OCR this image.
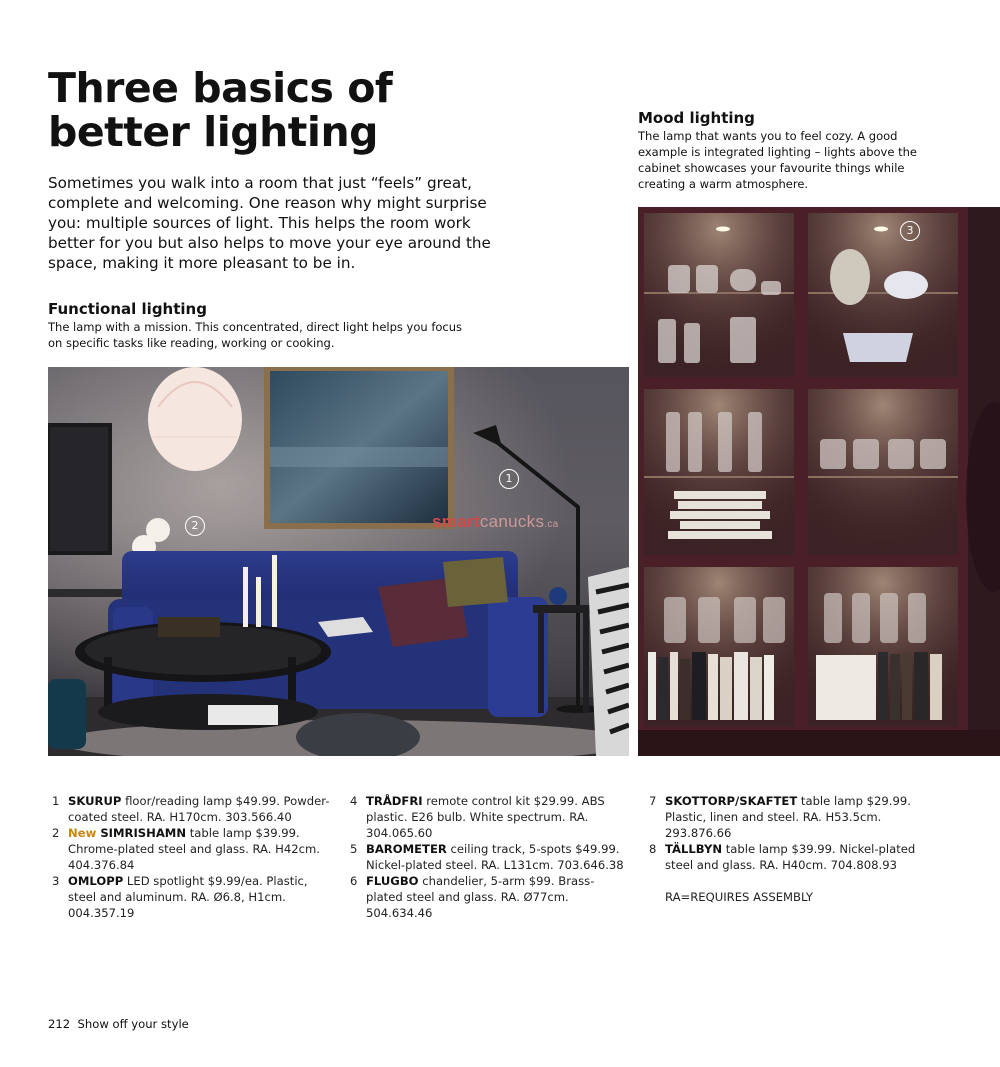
Three basics of
better lighting
Sometimes you walk into a room that just “feels” great, complete and welcoming. One reason why might surprise you: multiple sources of light. This helps the room work better for you but also helps to move your eye around the space, making it more pleasant to be in.
Functional lighting
The lamp with a mission. This concentrated, direct light helps you focus on specific tasks like reading, working or cooking.
Mood lighting
The lamp that wants you to feel cozy. A good example is integrated lighting – lights above the cabinet showcases your favourite things while creating a warm atmosphere.
1
2	smartcanucks.ca
3
1 SKURUP floor/reading lamp $49.99. Powder-coated steel. RA. H170cm. 303.566.40
2 New SIMRISHAMN table lamp $39.99. Chrome-plated steel and glass. RA. H42cm. 404.376.84
3 OMLOPP LED spotlight $9.99/ea. Plastic, steel and aluminum. RA. Ø6.8, H1cm. 004.357.19
4 TRÅDFRI remote control kit $29.99. ABS plastic. E26 bulb. White spectrum. RA. 304.065.60
5 BAROMETER ceiling track, 5-spots $49.99. Nickel-plated steel. RA. L131cm. 703.646.38
6 FLUGBO chandelier, 5-arm $99. Brass-plated steel and glass. RA. Ø77cm. 504.634.46
7 SKOTTORP/SKAFTET table lamp $29.99. Plastic, linen and steel. RA. H53.5cm. 293.876.66
8 TÄLLBYN table lamp $39.99. Nickel-plated steel and glass. RA. H40cm. 704.808.93
RA=REQUIRES ASSEMBLY
212 Show off your style
